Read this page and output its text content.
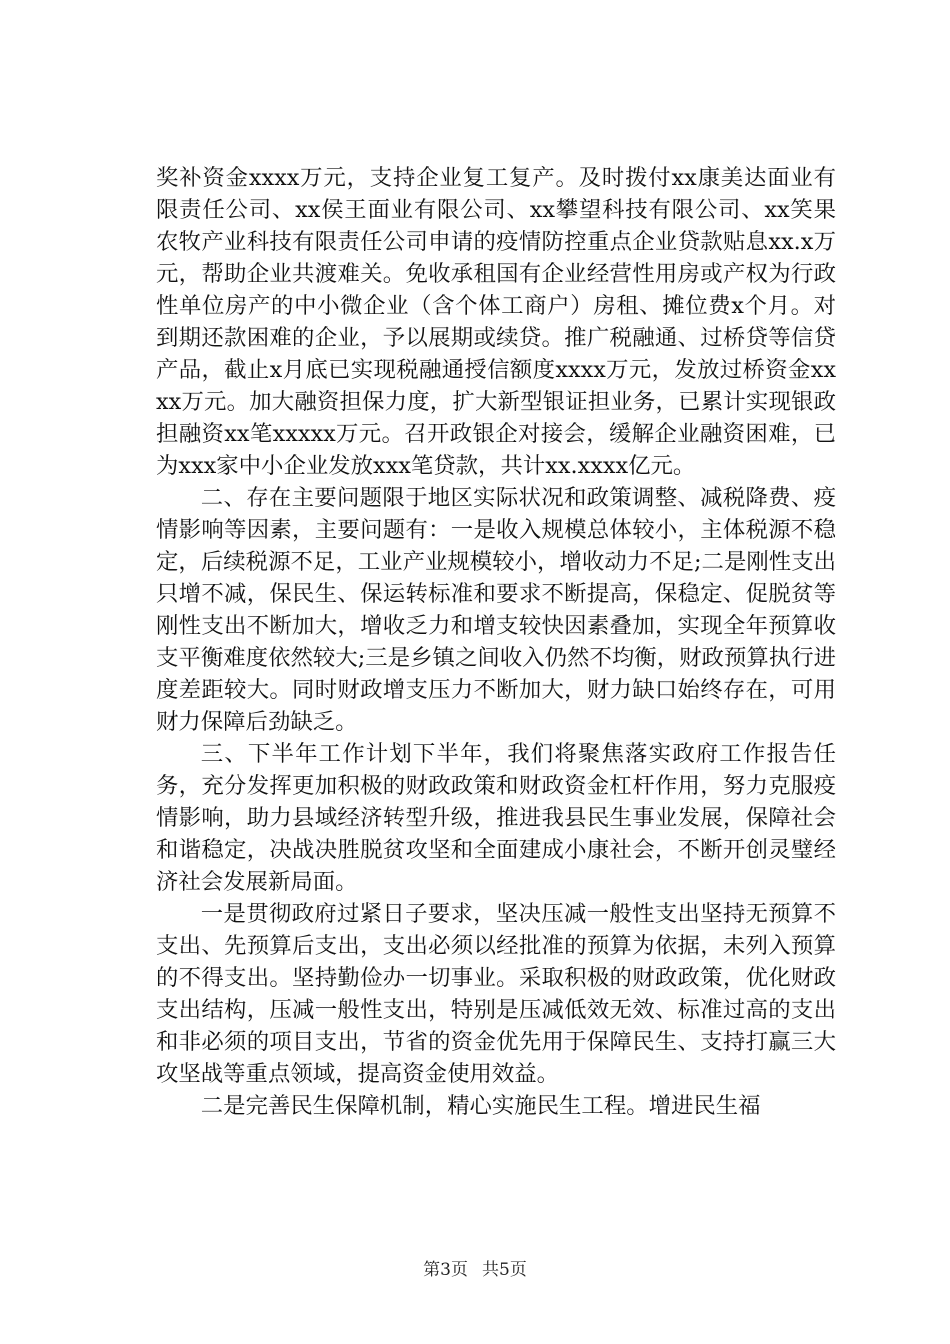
奖补资金xxxx万元，支持企业复工复产。及时拨付xx康美达面业有限责任公司、xx侯王面业有限公司、xx攀望科技有限公司、xx笑果农牧产业科技有限责任公司申请的疫情防控重点企业贷款贴息xx.x万元，帮助企业共渡难关。免收承租国有企业经营性用房或产权为行政性单位房产的中小微企业（含个体工商户）房租、摊位费x个月。对到期还款困难的企业，予以展期或续贷。推广税融通、过桥贷等信贷产品，截止x月底已实现税融通授信额度xxxx万元，发放过桥资金xxxx万元。加大融资担保力度，扩大新型银证担业务，已累计实现银政担融资xx笔xxxxx万元。召开政银企对接会，缓解企业融资困难，已为xxx家中小企业发放xxx笔贷款，共计xx.xxxx亿元。

二、存在主要问题限于地区实际状况和政策调整、减税降费、疫情影响等因素，主要问题有：一是收入规模总体较小，主体税源不稳定，后续税源不足，工业产业规模较小，增收动力不足;二是刚性支出只增不减，保民生、保运转标准和要求不断提高，保稳定、促脱贫等刚性支出不断加大，增收乏力和增支较快因素叠加，实现全年预算收支平衡难度依然较大;三是乡镇之间收入仍然不均衡，财政预算执行进度差距较大。同时财政增支压力不断加大，财力缺口始终存在，可用财力保障后劲缺乏。

三、下半年工作计划下半年，我们将聚焦落实政府工作报告任务，充分发挥更加积极的财政政策和财政资金杠杆作用，努力克服疫情影响，助力县域经济转型升级，推进我县民生事业发展，保障社会和谐稳定，决战决胜脱贫攻坚和全面建成小康社会，不断开创灵璧经济社会发展新局面。

一是贯彻政府过紧日子要求，坚决压减一般性支出坚持无预算不支出、先预算后支出，支出必须以经批准的预算为依据，未列入预算的不得支出。坚持勤俭办一切事业。采取积极的财政政策，优化财政支出结构，压减一般性支出，特别是压减低效无效、标准过高的支出和非必须的项目支出，节省的资金优先用于保障民生、支持打赢三大攻坚战等重点领域，提高资金使用效益。

二是完善民生保障机制，精心实施民生工程。增进民生福

第3页 共5页
